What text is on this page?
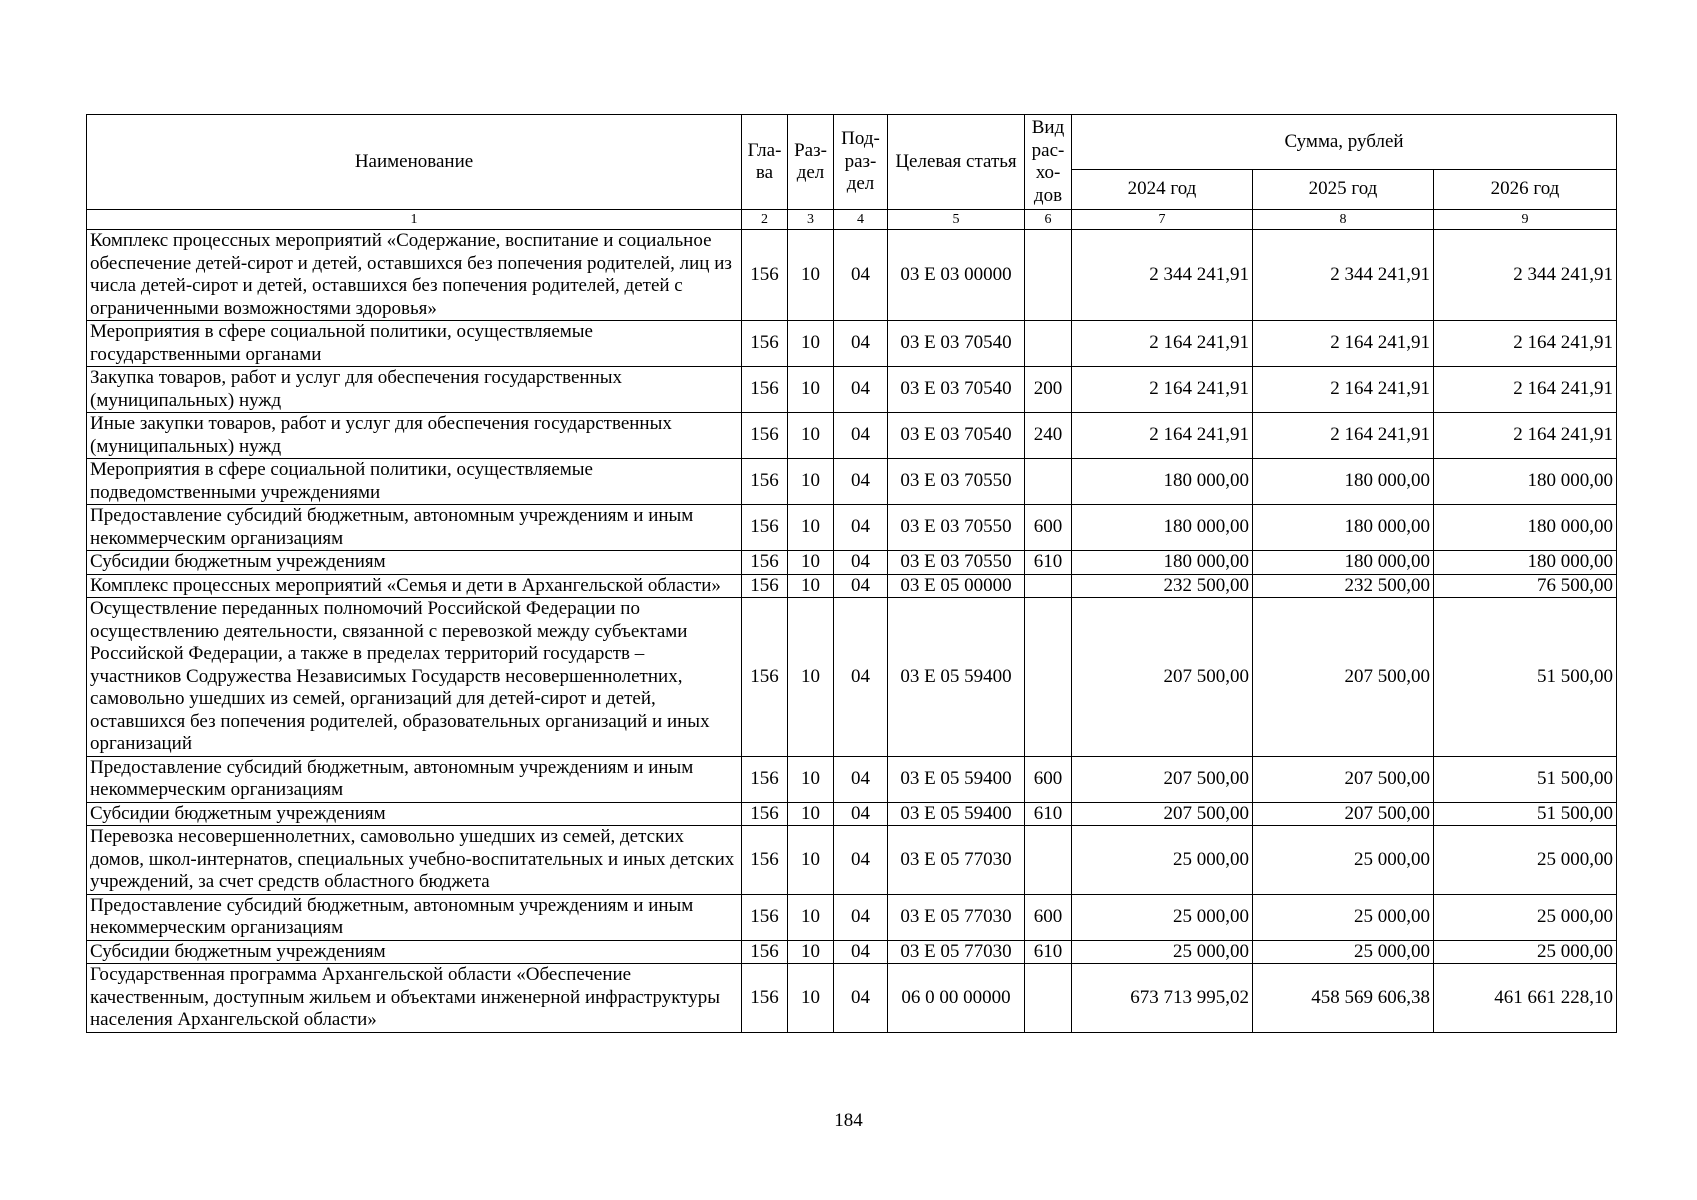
Наименование	Гла-ва	Раз-дел	Под-раз-дел	Целевая статья	Вид рас-хо-дов	Сумма, рублей		
						2024 год	2025 год	2026 год
1	2	3	4	5	6	7	8	9
Комплекс процессных мероприятий «Содержание, воспитание и социальное обеспечение детей-сирот и детей, оставшихся без попечения родителей, лиц из числа детей-сирот и детей, оставшихся без попечения родителей, детей с ограниченными возможностями здоровья»	156	10	04	03 Е 03 00000		2 344 241,91	2 344 241,91	2 344 241,91
Мероприятия в сфере социальной политики, осуществляемые государственными органами	156	10	04	03 Е 03 70540		2 164 241,91	2 164 241,91	2 164 241,91
Закупка товаров, работ и услуг для обеспечения государственных (муниципальных) нужд	156	10	04	03 Е 03 70540	200	2 164 241,91	2 164 241,91	2 164 241,91
Иные закупки товаров, работ и услуг для обеспечения государственных (муниципальных) нужд	156	10	04	03 Е 03 70540	240	2 164 241,91	2 164 241,91	2 164 241,91
Мероприятия в сфере социальной политики, осуществляемые подведомственными учреждениями	156	10	04	03 Е 03 70550		180 000,00	180 000,00	180 000,00
Предоставление субсидий бюджетным, автономным учреждениям и иным некоммерческим организациям	156	10	04	03 Е 03 70550	600	180 000,00	180 000,00	180 000,00
Субсидии бюджетным учреждениям	156	10	04	03 Е 03 70550	610	180 000,00	180 000,00	180 000,00
Комплекс процессных мероприятий «Семья и дети в Архангельской области»	156	10	04	03 Е 05 00000		232 500,00	232 500,00	76 500,00
Осуществление переданных полномочий Российской Федерации по осуществлению деятельности, связанной с перевозкой между субъектами Российской Федерации, а также в пределах территорий государств – участников Содружества Независимых Государств несовершеннолетних, самовольно ушедших из семей, организаций для детей-сирот и детей, оставшихся без попечения родителей, образовательных организаций и иных организаций	156	10	04	03 Е 05 59400		207 500,00	207 500,00	51 500,00
Предоставление субсидий бюджетным, автономным учреждениям и иным некоммерческим организациям	156	10	04	03 Е 05 59400	600	207 500,00	207 500,00	51 500,00
Субсидии бюджетным учреждениям	156	10	04	03 Е 05 59400	610	207 500,00	207 500,00	51 500,00
Перевозка несовершеннолетних, самовольно ушедших из семей, детских домов, школ-интернатов, специальных учебно-воспитательных и иных детских учреждений, за счет средств областного бюджета	156	10	04	03 Е 05 77030		25 000,00	25 000,00	25 000,00
Предоставление субсидий бюджетным, автономным учреждениям и иным некоммерческим организациям	156	10	04	03 Е 05 77030	600	25 000,00	25 000,00	25 000,00
Субсидии бюджетным учреждениям	156	10	04	03 Е 05 77030	610	25 000,00	25 000,00	25 000,00
Государственная программа Архангельской области «Обеспечение качественным, доступным жильем и объектами инженерной инфраструктуры населения Архангельской области»	156	10	04	06 0 00 00000		673 713 995,02	458 569 606,38	461 661 228,10
184
